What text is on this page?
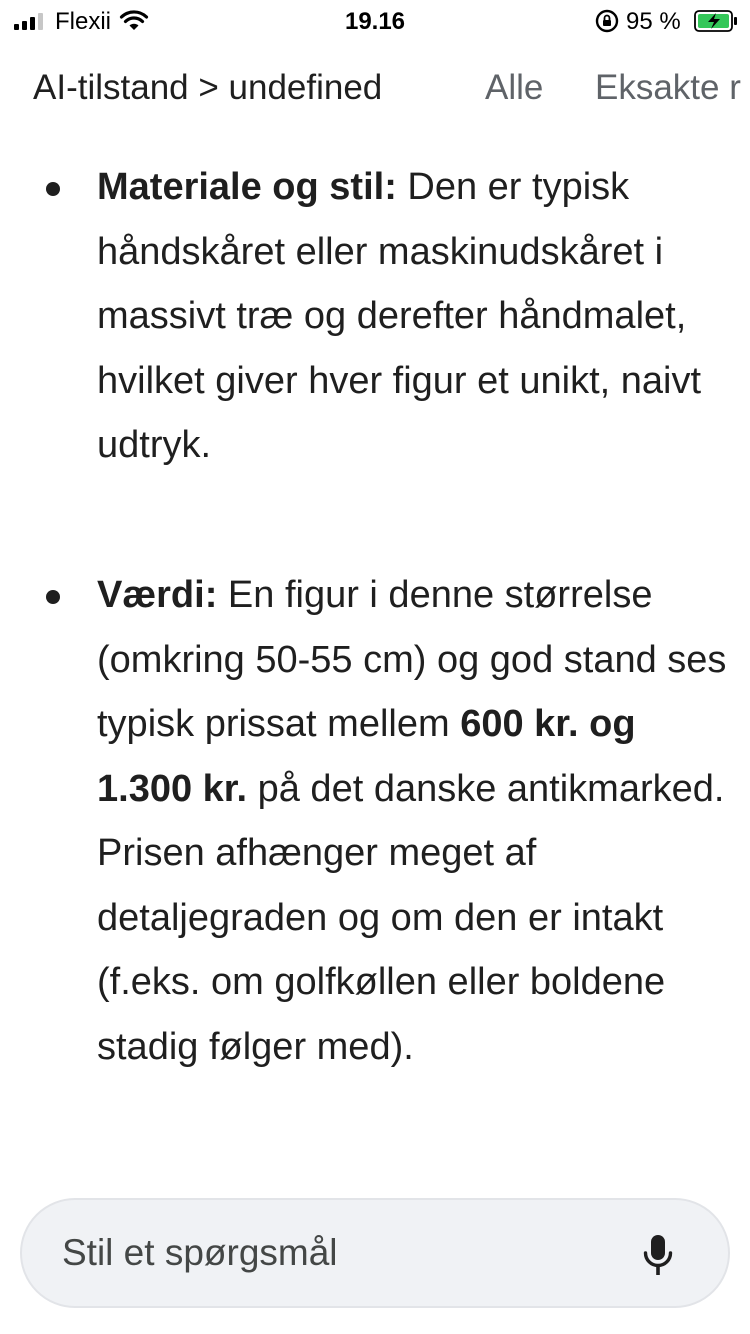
Flexii	19.16	95 %
AI-tilstand > undefined	Alle Eksakte r
Materiale og stil: Den er typisk håndskåret eller maskinudskåret i massivt træ og derefter håndmalet, hvilket giver hver figur et unikt, naivt udtryk.
Værdi: En figur i denne størrelse (omkring 50-55 cm) og god stand ses typisk prissat mellem 600 kr. og 1.300 kr. på det danske antikmarked. Prisen afhænger meget af detaljegraden og om den er intakt (f.eks. om golfkøllen eller boldene stadig følger med).
Stil et spørgsmål
